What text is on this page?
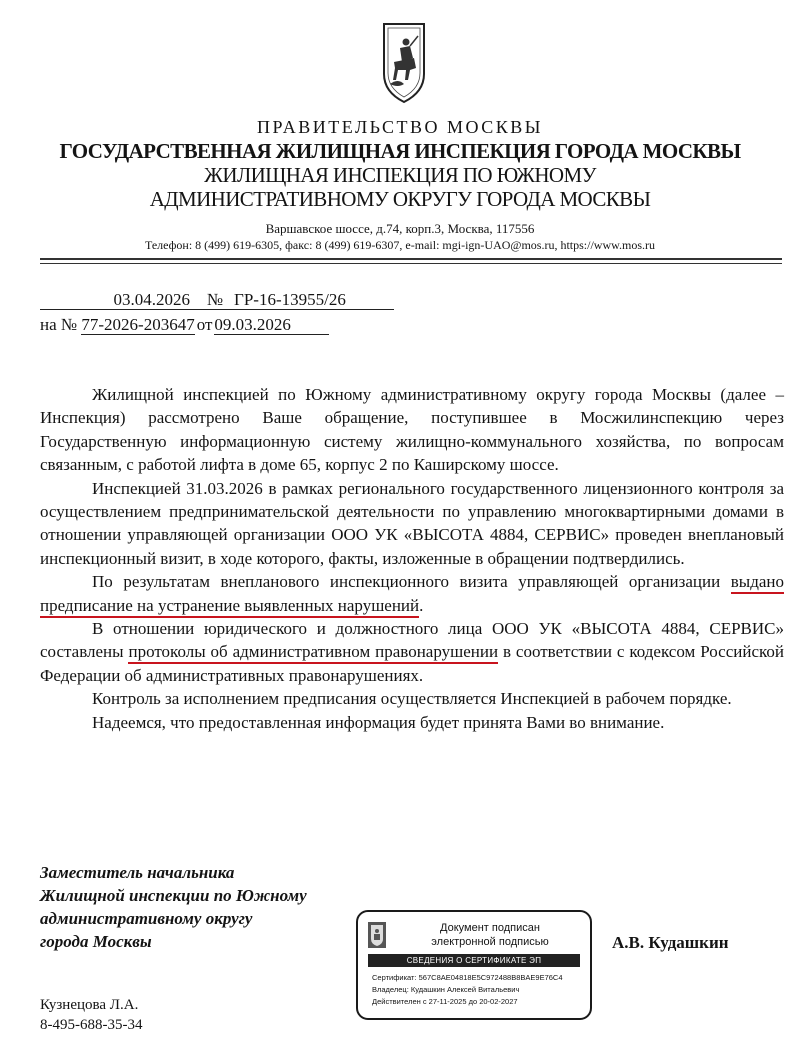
ПРАВИТЕЛЬСТВО МОСКВЫ
ГОСУДАРСТВЕННАЯ ЖИЛИЩНАЯ ИНСПЕКЦИЯ ГОРОДА МОСКВЫ
ЖИЛИЩНАЯ ИНСПЕКЦИЯ ПО ЮЖНОМУ
АДМИНИСТРАТИВНОМУ ОКРУГУ ГОРОДА МОСКВЫ
Варшавское шоссе, д.74, корп.3, Москва, 117556
Телефон: 8 (499) 619-6305, факс: 8 (499) 619-6307, e-mail: mgi-ign-UAO@mos.ru, https://www.mos.ru
03.04.2026 № ГР-16-13955/26
на № 77-2026-203647 от 09.03.2026

Жилищной инспекцией по Южному административному округу города Москвы (далее – Инспекция) рассмотрено Ваше обращение, поступившее в Мосжилинспекцию через Государственную информационную систему жилищно-коммунального хозяйства, по вопросам связанным, с работой лифта в доме 65, корпус 2 по Каширскому шоссе.

Инспекцией 31.03.2026 в рамках регионального государственного лицензионного контроля за осуществлением предпринимательской деятельности по управлению многоквартирными домами в отношении управляющей организации ООО УК «ВЫСОТА 4884, СЕРВИС» проведен внеплановый инспекционный визит, в ходе которого, факты, изложенные в обращении подтвердились.

По результатам внепланового инспекционного визита управляющей организации выдано предписание на устранение выявленных нарушений.

В отношении юридического и должностного лица ООО УК «ВЫСОТА 4884, СЕРВИС» составлены протоколы об административном правонарушении в соответствии с кодексом Российской Федерации об административных правонарушениях.

Контроль за исполнением предписания осуществляется Инспекцией в рабочем порядке.

Надеемся, что предоставленная информация будет принята Вами во внимание.

Заместитель начальника
Жилищной инспекции по Южному
административному округу
города Москвы
Документ подписан
электронной подписью
СВЕДЕНИЯ О СЕРТИФИКАТЕ ЭП
Сертификат: 567C8AE04818E5C972488B8BAE9E76C4
Владелец: Кудашкин Алексей Витальевич
Действителен с 27-11-2025 до 20-02-2027
А.В. Кудашкин
Кузнецова Л.А.
8-495-688-35-34
